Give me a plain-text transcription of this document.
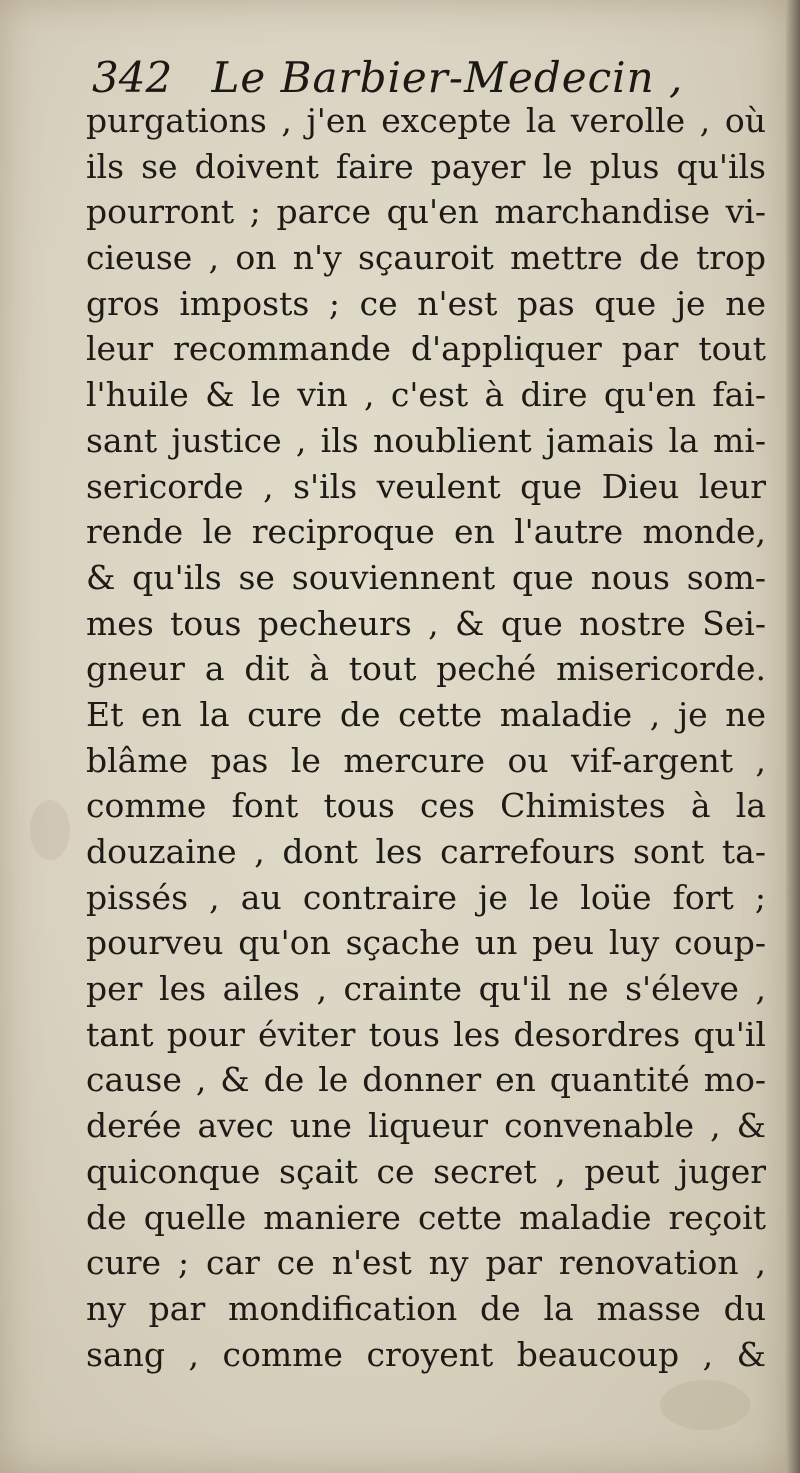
342 Le Barbier-Medecin ,
purgations , j'en excepte la verolle , où
ils se doivent faire payer le plus qu'ils
pourront ; parce qu'en marchandise vi-
cieuse , on n'y sçauroit mettre de trop
gros imposts ; ce n'est pas que je ne
leur recommande d'appliquer par tout
l'huile & le vin , c'est à dire qu'en fai-
sant justice , ils noublient jamais la mi-
sericorde , s'ils veulent que Dieu leur
rende le reciproque en l'autre monde,
& qu'ils se souviennent que nous som-
mes tous pecheurs , & que nostre Sei-
gneur a dit à tout peché misericorde.
Et en la cure de cette maladie , je ne
blâme pas le mercure ou vif-argent ,
comme font tous ces Chimistes à la
douzaine , dont les carrefours sont ta-
pissés , au contraire je le loüe fort ;
pourveu qu'on sçache un peu luy coup-
per les ailes , crainte qu'il ne s'éleve ,
tant pour éviter tous les desordres qu'il
cause , & de le donner en quantité mo-
derée avec une liqueur convenable , &
quiconque sçait ce secret , peut juger
de quelle maniere cette maladie reçoit
cure ; car ce n'est ny par renovation ,
ny par mondification de la masse du
sang , comme croyent beaucoup , &
